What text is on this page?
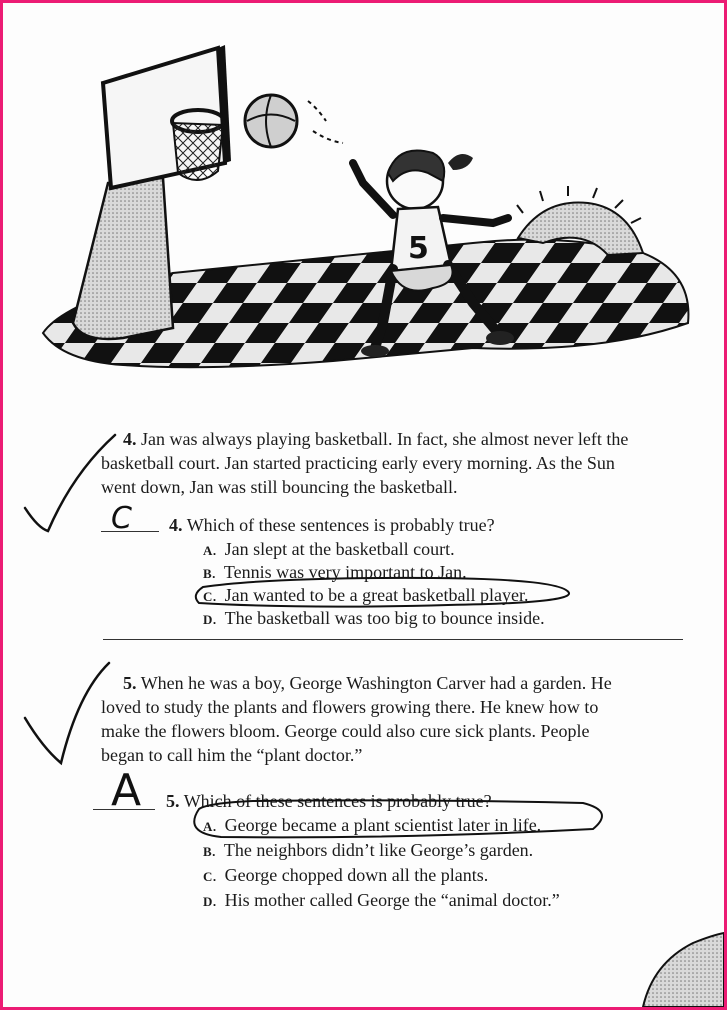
5
4. Jan was always playing basketball. In fact, she almost never left the
basketball court. Jan started practicing early every morning. As the Sun
went down, Jan was still bouncing the basketball.
C 4. Which of these sentences is probably true?
A. Jan slept at the basketball court.
B. Tennis was very important to Jan.
C. Jan wanted to be a great basketball player.
D. The basketball was too big to bounce inside.
5. When he was a boy, George Washington Carver had a garden. He
loved to study the plants and flowers growing there. He knew how to
make the flowers bloom. George could also cure sick plants. People
began to call him the “plant doctor.”
A 5. Which of these sentences is probably true?
A. George became a plant scientist later in life.
B. The neighbors didn’t like George’s garden.
C. George chopped down all the plants.
D. His mother called George the “animal doctor.”
